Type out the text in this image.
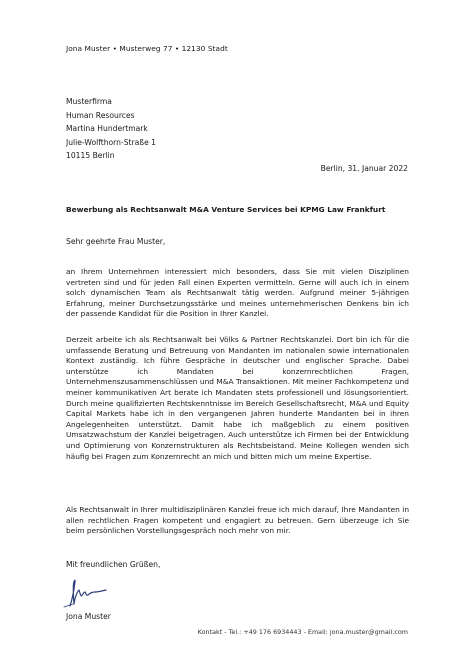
Jona Muster • Musterweg 77 • 12130 Stadt
Musterfirma
Human Resources
Martina Hundertmark
Julie-Wolfthorn-Straße 1
10115 Berlin
Berlin, 31. Januar 2022
Bewerbung als Rechtsanwalt M&A Venture Services bei KPMG Law Frankfurt
Sehr geehrte Frau Muster,
an Ihrem Unternehmen interessiert mich besonders, dass Sie mit vielen Disziplinen vertreten sind und für jeden Fall einen Experten vermitteln. Gerne will auch ich in einem solch dynamischen Team als Rechtsanwalt tätig werden. Aufgrund meiner 5-jährigen Erfahrung, meiner Durchsetzungsstärke und meines unternehmerischen Denkens bin ich der passende Kandidat für die Position in Ihrer Kanzlei.
Derzeit arbeite ich als Rechtsanwalt bei Völks & Partner Rechtskanzlei. Dort bin ich für die umfassende Beratung und Betreuung von Mandanten im nationalen sowie internationalen Kontext zuständig. Ich führe Gespräche in deutscher und englischer Sprache. Dabei unterstütze ich Mandaten bei konzernrechtlichen Fragen, Unternehmenszusammenschlüssen und M&A Transaktionen. Mit meiner Fachkompetenz und meiner kommunikativen Art berate ich Mandaten stets professionell und lösungsorientiert. Durch meine qualifizierten Rechtskenntnisse im Bereich Gesellschaftsrecht, M&A und Equity Capital Markets habe ich in den vergangenen Jahren hunderte Mandanten bei in ihren Angelegenheiten unterstützt. Damit habe ich maßgeblich zu einem positiven Umsatzwachstum der Kanzlei beigetragen. Auch unterstütze ich Firmen bei der Entwicklung und Optimierung von Konzernstrukturen als Rechtsbeistand. Meine Kollegen wenden sich häufig bei Fragen zum Konzernrecht an mich und bitten mich um meine Expertise.
Als Rechtsanwalt in Ihrer multidisziplinären Kanzlei freue ich mich darauf, Ihre Mandanten in allen rechtlichen Fragen kompetent und engagiert zu betreuen. Gern überzeuge ich Sie beim persönlichen Vorstellungsgespräch noch mehr von mir.
Mit freundlichen Grüßen,
Jona Muster
Kontakt - Tel.: +49 176 6934443 - Email: jona.muster@gmail.com
